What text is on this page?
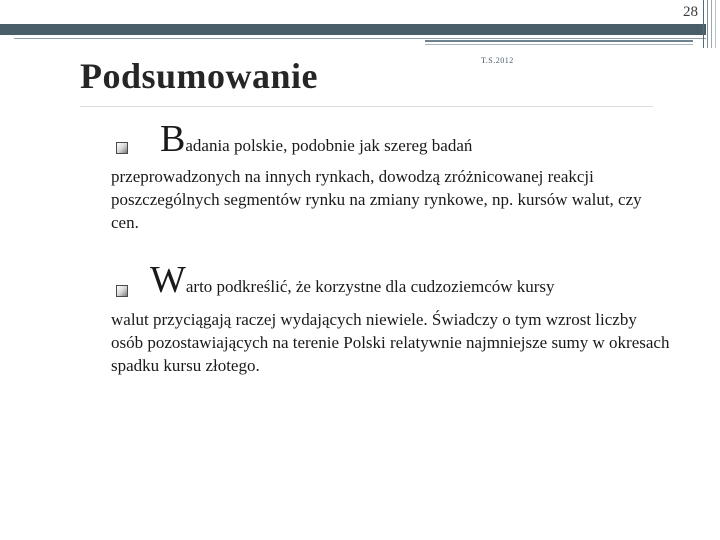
28
T.S.2012
Podsumowanie
Badania polskie, podobnie jak szereg badań

przeprowadzonych na innych rynkach, dowodzą zróżnicowanej reakcji poszczególnych segmentów rynku na zmiany rynkowe, np. kursów walut, czy cen.

Warto podkreślić, że korzystne dla cudzoziemców kursy

walut przyciągają raczej wydających niewiele. Świadczy o tym wzrost liczby osób pozostawiających na terenie Polski relatywnie najmniejsze sumy w okresach spadku kursu złotego.
